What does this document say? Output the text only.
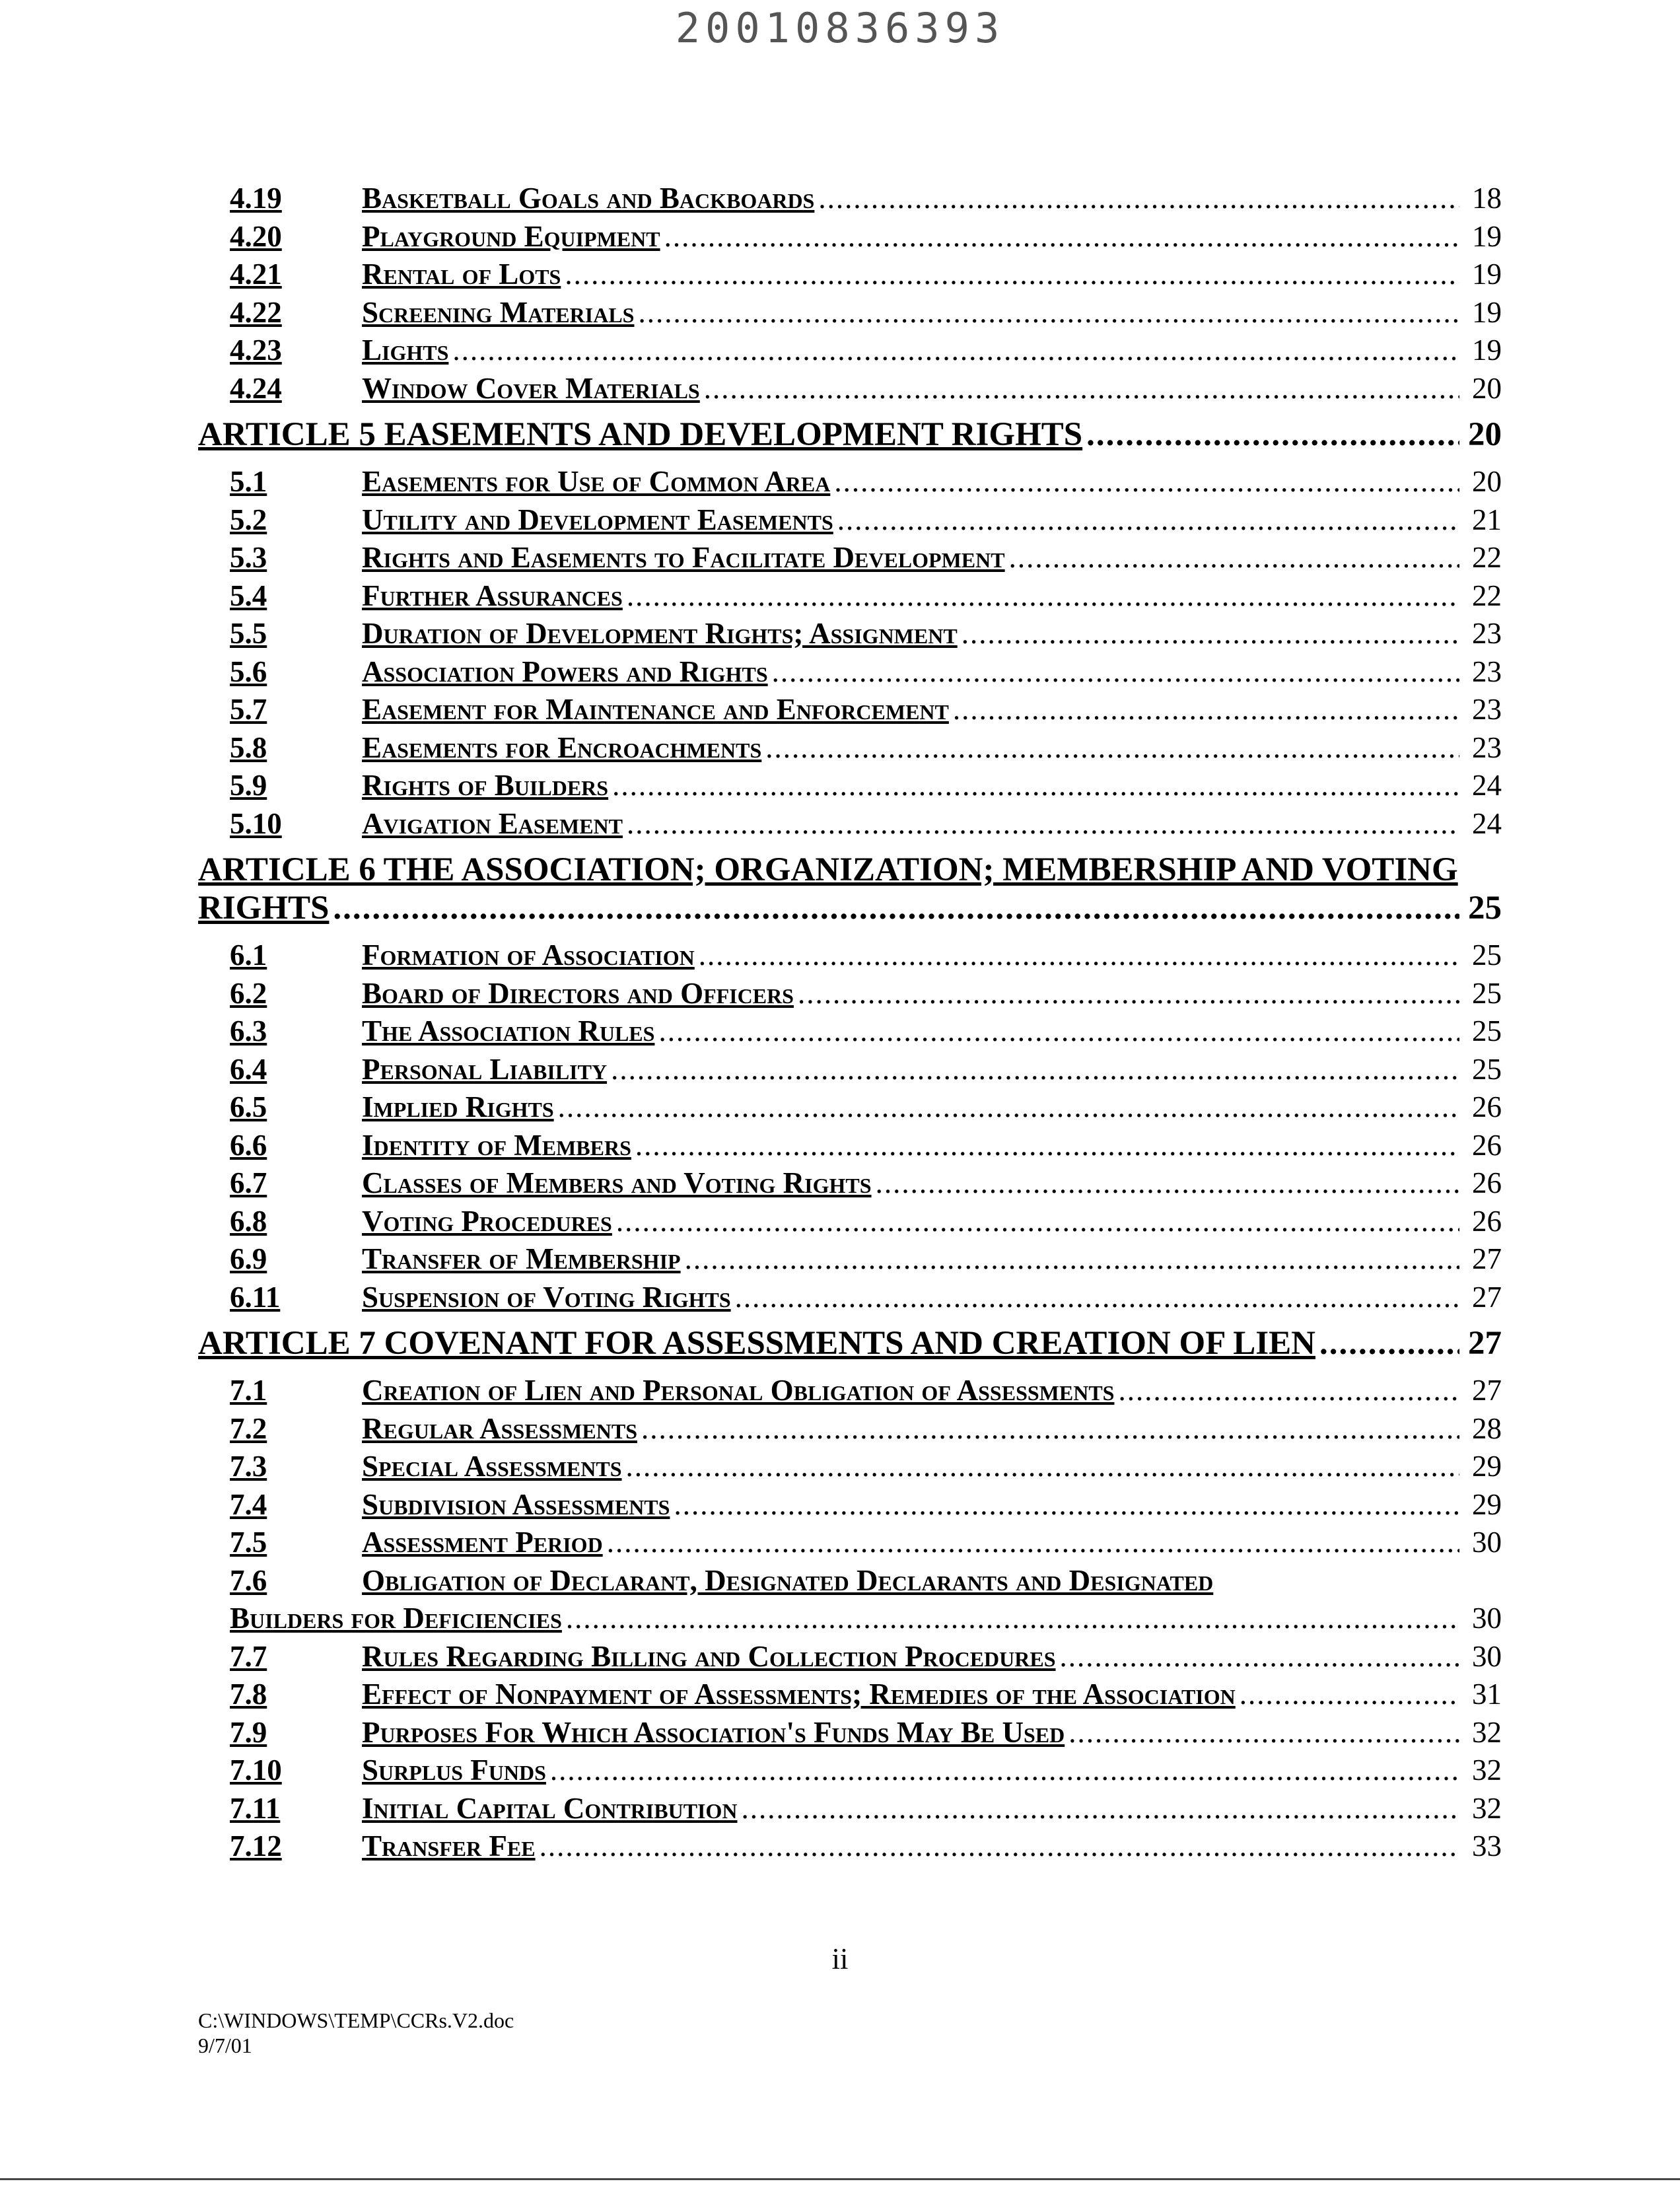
20010836393
4.19	Basketball Goals and Backboards .....	18
4.20	Playground Equipment .....	19
4.21	Rental of Lots .....	19
4.22	Screening Materials .....	19
4.23	Lights .....	19
4.24	Window Cover Materials .....	20
ARTICLE 5 EASEMENTS AND DEVELOPMENT RIGHTS .....	20
5.1	Easements for Use of Common Area .....	20
5.2	Utility and Development Easements .....	21
5.3	Rights and Easements to Facilitate Development .....	22
5.4	Further Assurances .....	22
5.5	Duration of Development Rights; Assignment .....	23
5.6	Association Powers and Rights .....	23
5.7	Easement for Maintenance and Enforcement .....	23
5.8	Easements for Encroachments .....	23
5.9	Rights of Builders .....	24
5.10	Avigation Easement .....	24
ARTICLE 6 THE ASSOCIATION; ORGANIZATION; MEMBERSHIP AND VOTING
RIGHTS .....	25
6.1	Formation of Association .....	25
6.2	Board of Directors and Officers .....	25
6.3	The Association Rules .....	25
6.4	Personal Liability .....	25
6.5	Implied Rights .....	26
6.6	Identity of Members .....	26
6.7	Classes of Members and Voting Rights .....	26
6.8	Voting Procedures .....	26
6.9	Transfer of Membership .....	27
6.11	Suspension of Voting Rights .....	27
ARTICLE 7 COVENANT FOR ASSESSMENTS AND CREATION OF LIEN .....	27
7.1	Creation of Lien and Personal Obligation of Assessments .....	27
7.2	Regular Assessments .....	28
7.3	Special Assessments .....	29
7.4	Subdivision Assessments .....	29
7.5	Assessment Period .....	30
7.6	Obligation of Declarant, Designated Declarants and Designated
Builders for Deficiencies .....	30
7.7	Rules Regarding Billing and Collection Procedures .....	30
7.8	Effect of Nonpayment of Assessments; Remedies of the Association .....	31
7.9	Purposes For Which Association's Funds May Be Used .....	32
7.10	Surplus Funds .....	32
7.11	Initial Capital Contribution .....	32
7.12	Transfer Fee .....	33
ii
C:\WINDOWS\TEMP\CCRs.V2.doc
9/7/01
